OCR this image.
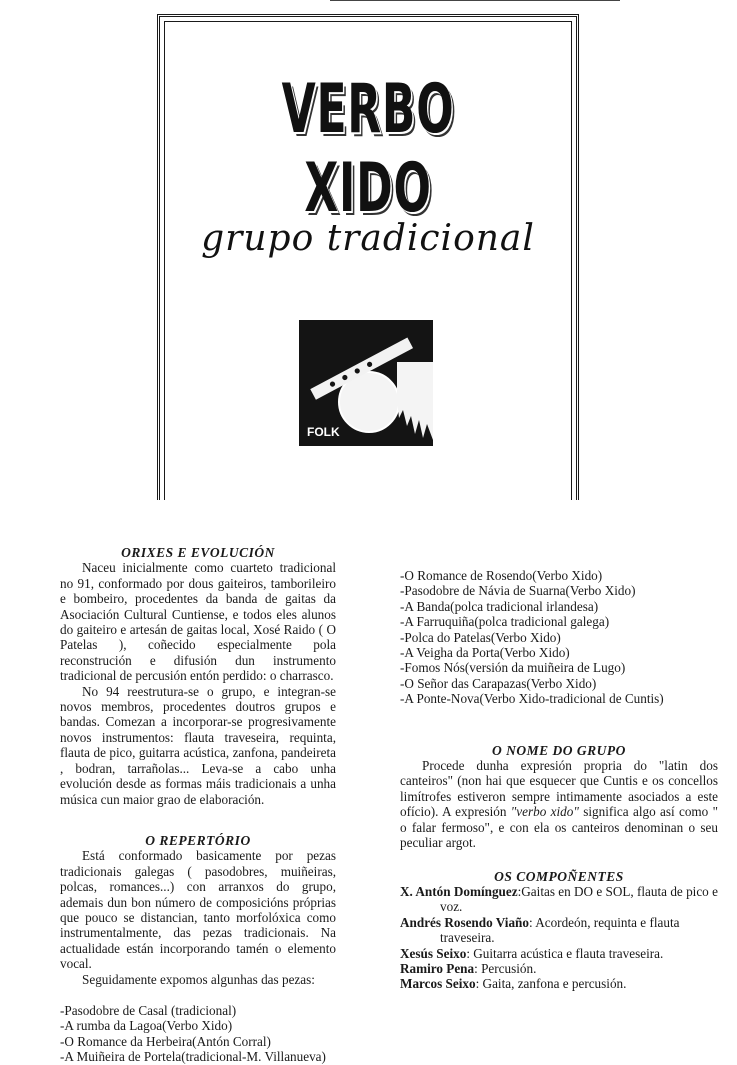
VERBO XIDO
grupo tradicional
FOLK
ORIXES E EVOLUCIÓN

Naceu inicialmente como cuarteto tradicional no 91, conformado por dous gaiteiros, tamborileiro e bombeiro, procedentes da banda de gaitas da Asociación Cultural Cuntiense, e todos eles alunos do gaiteiro e artesán de gaitas local, Xosé Raido ( O Patelas ), coñecido especialmente pola reconstrución e difusión dun instrumento tradicional de percusión entón perdido: o charrasco.

No 94 reestrutura-se o grupo, e integran-se novos membros, procedentes doutros grupos e bandas. Comezan a incorporar-se progresivamente novos instrumentos: flauta traveseira, requinta, flauta de pico, guitarra acústica, zanfona, pandeireta , bodran, tarrañolas... Leva-se a cabo unha evolución desde as formas máis tradicionais a unha música cun maior grao de elaboración.

O REPERTÓRIO

Está conformado basicamente por pezas tradicionais galegas ( pasodobres, muiñeiras, polcas, romances...) con arranxos do grupo, ademais dun bon número de composicións próprias que pouco se distancian, tanto morfolóxica como instrumentalmente, das pezas tradicionais. Na actualidade están incorporando tamén o elemento vocal.

Seguidamente expomos algunhas das pezas:

-Pasodobre de Casal (tradicional)
-A rumba da Lagoa(Verbo Xido)
-O Romance da Herbeira(Antón Corral)
-A Muiñeira de Portela(tradicional-M. Villanueva)
-O Romance de Rosendo(Verbo Xido)
-Pasodobre de Návia de Suarna(Verbo Xido)
-A Banda(polca tradicional irlandesa)
-A Farruquiña(polca tradicional galega)
-Polca do Patelas(Verbo Xido)
-A Veigha da Porta(Verbo Xido)
-Fomos Nós(versión da muiñeira de Lugo)
-O Señor das Carapazas(Verbo Xido)
-A Ponte-Nova(Verbo Xido-tradicional de Cuntis)
O NOME DO GRUPO

Procede dunha expresión propria do "latin dos canteiros" (non hai que esquecer que Cuntis e os concellos limítrofes estiveron sempre intimamente asociados a este ofício). A expresión "verbo xido" significa algo así como " o falar fermoso", e con ela os canteiros denominan o seu peculiar argot.

OS COMPOÑENTES

X. Antón Domínguez:Gaitas en DO e SOL, flauta de pico e voz.

Andrés Rosendo Viaño: Acordeón, requinta e flauta traveseira.

Xesús Seixo: Guitarra acústica e flauta traveseira.

Ramiro Pena: Percusión.

Marcos Seixo: Gaita, zanfona e percusión.
